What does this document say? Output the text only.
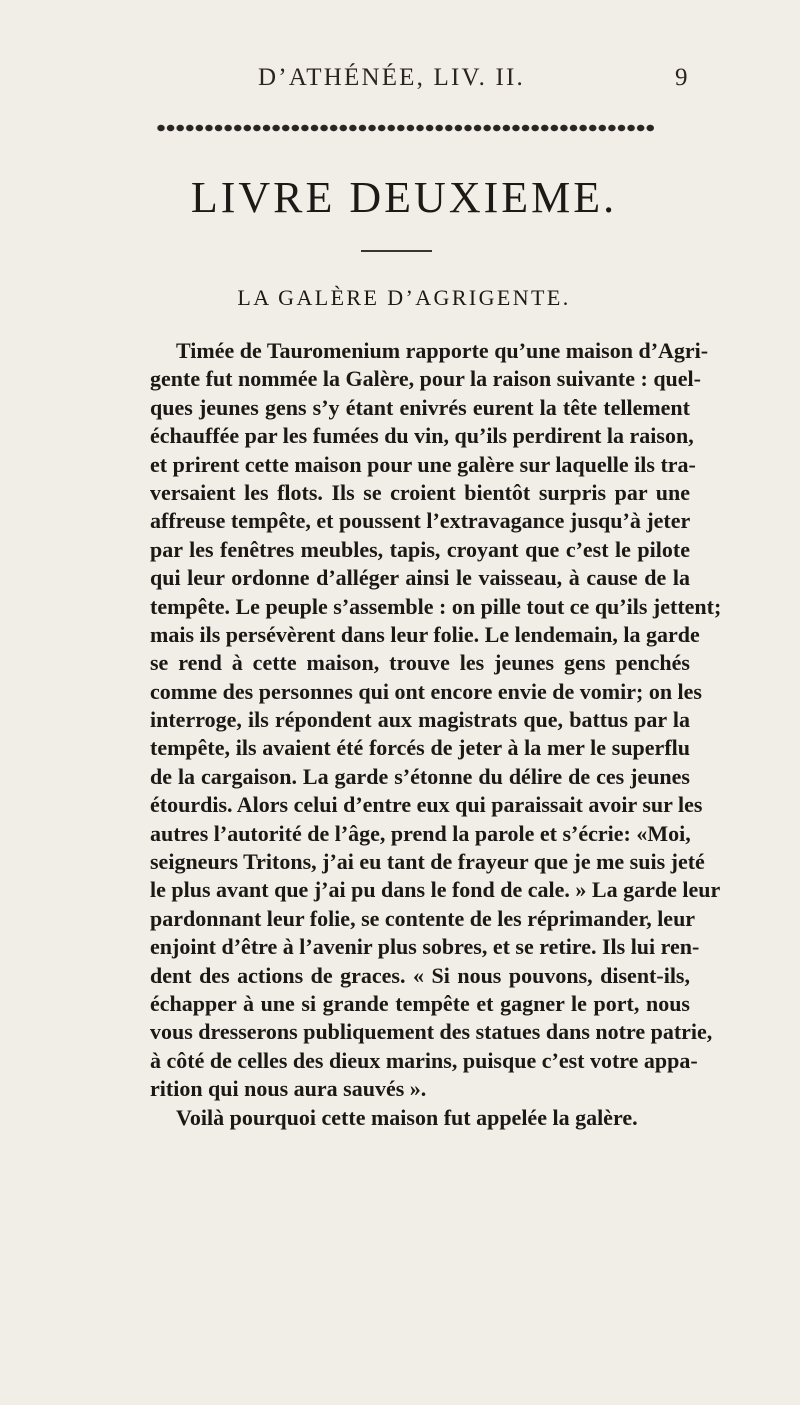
D’ATHÉNÉE, LIV. II.	9
LIVRE DEUXIEME.
LA GALÈRE D’AGRIGENTE.
Timée de Tauromenium rapporte qu’une maison d’Agri-
gente fut nommée la Galère, pour la raison suivante : quel-
ques jeunes gens s’y étant enivrés eurent la tête tellement
échauffée par les fumées du vin, qu’ils perdirent la raison,
et prirent cette maison pour une galère sur laquelle ils tra-
versaient les flots. Ils se croient bientôt surpris par une
affreuse tempête, et poussent l’extravagance jusqu’à jeter
par les fenêtres meubles, tapis, croyant que c’est le pilote
qui leur ordonne d’alléger ainsi le vaisseau, à cause de la
tempête. Le peuple s’assemble : on pille tout ce qu’ils jettent;
mais ils persévèrent dans leur folie. Le lendemain, la garde
se rend à cette maison, trouve les jeunes gens penchés
comme des personnes qui ont encore envie de vomir; on les
interroge, ils répondent aux magistrats que, battus par la
tempête, ils avaient été forcés de jeter à la mer le superflu
de la cargaison. La garde s’étonne du délire de ces jeunes
étourdis. Alors celui d’entre eux qui paraissait avoir sur les
autres l’autorité de l’âge, prend la parole et s’écrie: «Moi,
seigneurs Tritons, j’ai eu tant de frayeur que je me suis jeté
le plus avant que j’ai pu dans le fond de cale. » La garde leur
pardonnant leur folie, se contente de les réprimander, leur
enjoint d’être à l’avenir plus sobres, et se retire. Ils lui ren-
dent des actions de graces. « Si nous pouvons, disent-ils,
échapper à une si grande tempête et gagner le port, nous
vous dresserons publiquement des statues dans notre patrie,
à côté de celles des dieux marins, puisque c’est votre appa-
rition qui nous aura sauvés ».
Voilà pourquoi cette maison fut appelée la galère.
